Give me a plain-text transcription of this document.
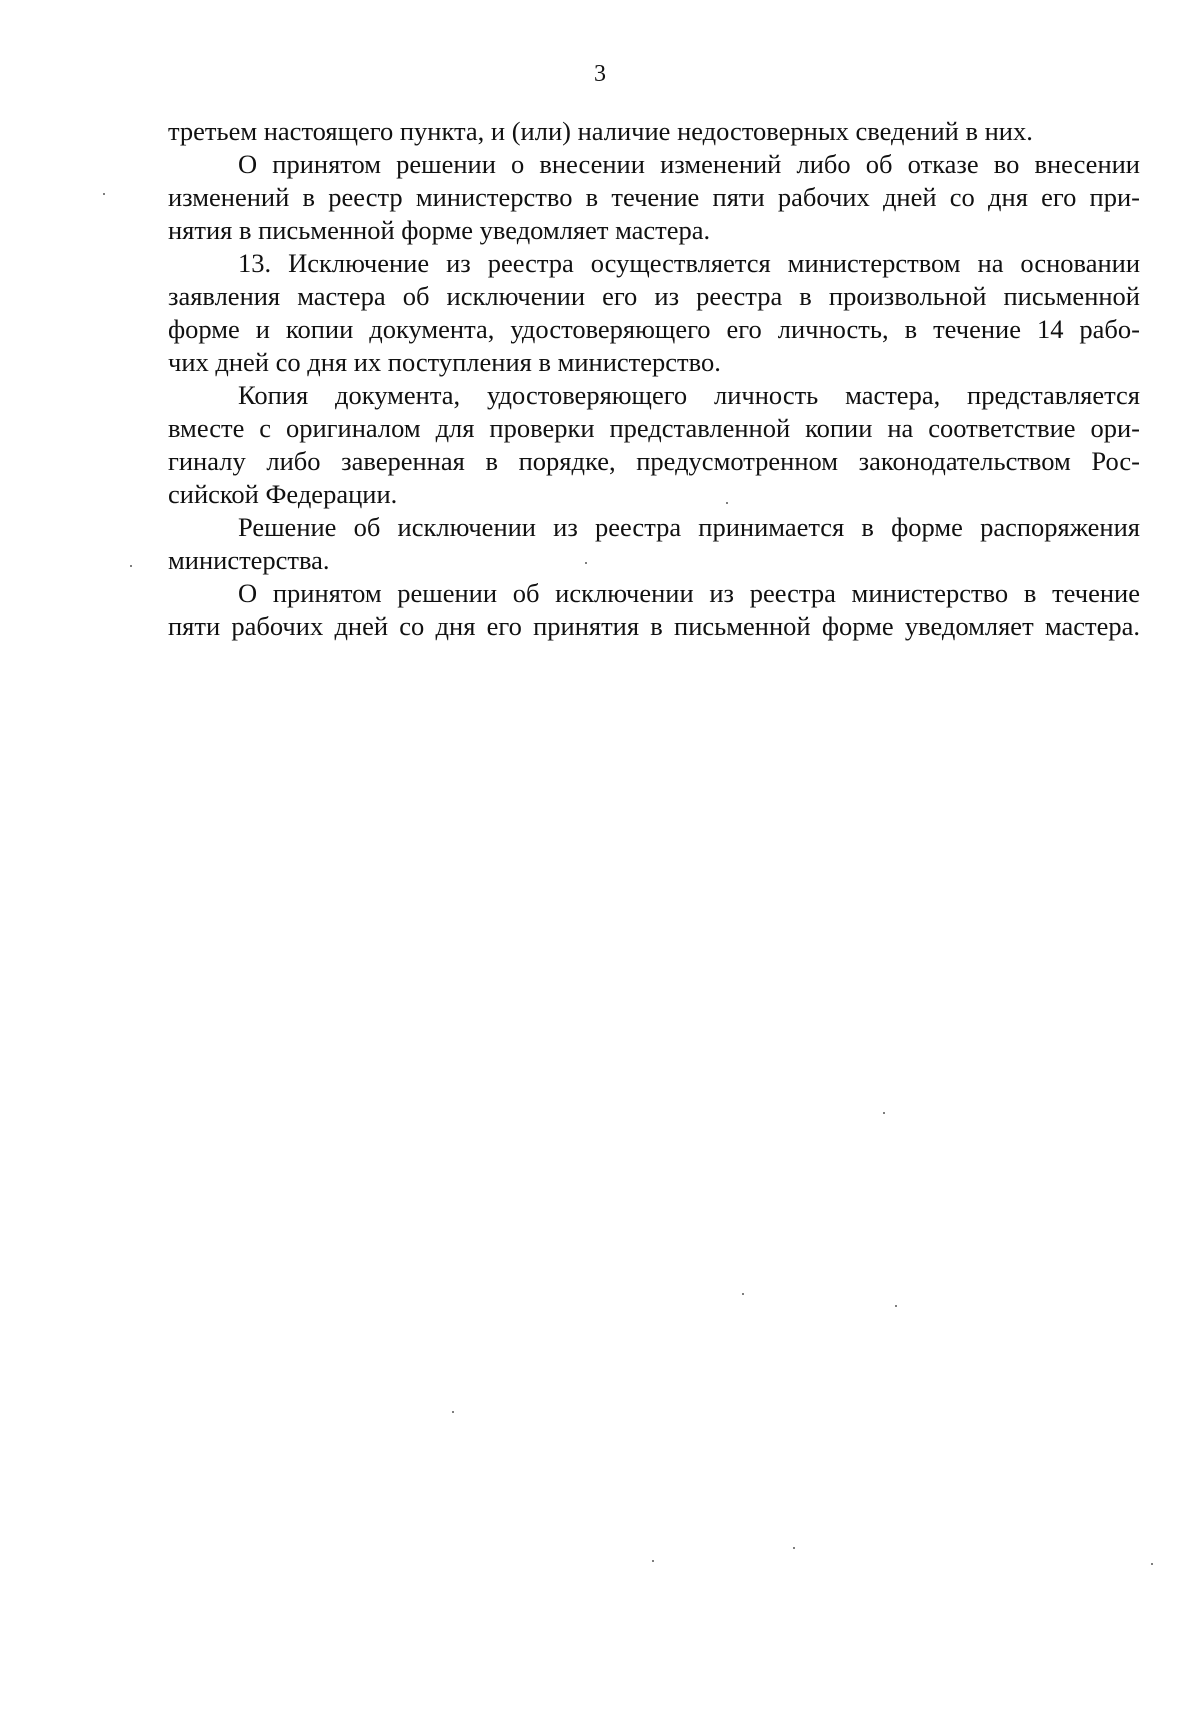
3
третьем настоящего пункта, и (или) наличие недостоверных сведений в них.
О принятом решении о внесении изменений либо об отказе во внесении
изменений в реестр министерство в течение пяти рабочих дней со дня его при-
нятия в письменной форме уведомляет мастера.
13. Исключение из реестра осуществляется министерством на основании
заявления мастера об исключении его из реестра в произвольной письменной
форме и копии документа, удостоверяющего его личность, в течение 14 рабо-
чих дней со дня их поступления в министерство.
Копия документа, удостоверяющего личность мастера, представляется
вместе с оригиналом для проверки представленной копии на соответствие ори-
гиналу либо заверенная в порядке, предусмотренном законодательством Рос-
сийской Федерации.
Решение об исключении из реестра принимается в форме распоряжения
министерства.
О принятом решении об исключении из реестра министерство в течение
пяти рабочих дней со дня его принятия в письменной форме уведомляет мастера.
